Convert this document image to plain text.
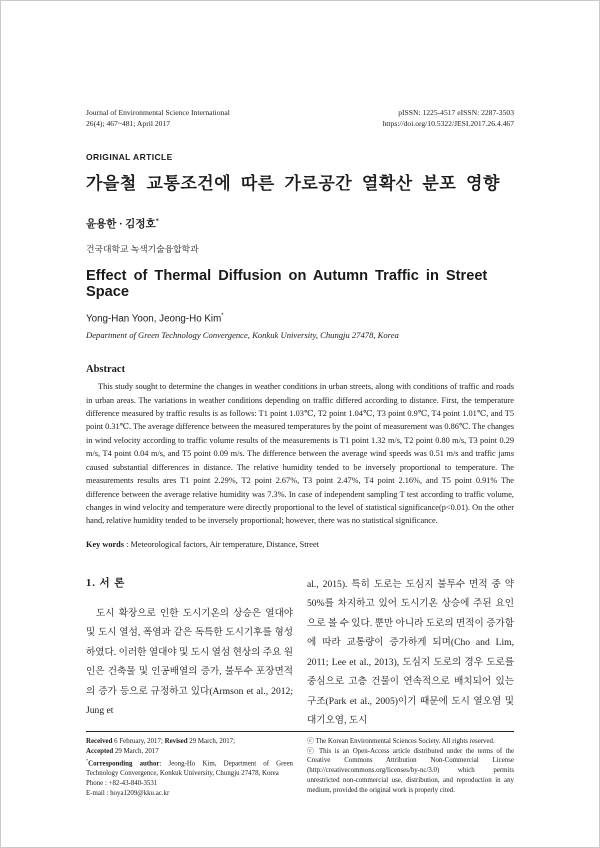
Journal of Environmental Science International
26(4); 467~481; April 2017
pISSN: 1225-4517 eISSN: 2287-3503
https://doi.org/10.5322/JESI.2017.26.4.467
ORIGINAL ARTICLE
가을철 교통조건에 따른 가로공간 열확산 분포 영향
윤용한 · 김정호*
건국대학교 녹색기술융합학과
Effect of Thermal Diffusion on Autumn Traffic in Street Space
Yong-Han Yoon, Jeong-Ho Kim*
Department of Green Technology Convergence, Konkuk University, Chungju 27478, Korea
Abstract

This study sought to determine the changes in weather conditions in urban streets, along with conditions of traffic and roads in urban areas. The variations in weather conditions depending on traffic differed according to distance. First, the temperature difference measured by traffic results is as follows: T1 point 1.03℃, T2 point 1.04℃, T3 point 0.9℃, T4 point 1.01℃, and T5 point 0.31℃. The average difference between the measured temperatures by the point of measurement was 0.86℃. The changes in wind velocity according to traffic volume results of the measurements is T1 point 1.32 m/s, T2 point 0.80 m/s, T3 point 0.29 m/s, T4 point 0.04 m/s, and T5 point 0.09 m/s. The difference between the average wind speeds was 0.51 m/s and traffic jams caused substantial differences in distance. The relative humidity tended to be inversely proportional to temperature. The measurements results ares T1 point 2.29%, T2 point 2.67%, T3 point 2.47%, T4 point 2.16%, and T5 point 0.91% The difference between the average relative humidity was 7.3%. In case of independent sampling T test according to traffic volume, changes in wind velocity and temperature were directly proportional to the level of statistical significance(p<0.01). On the other hand, relative humidity tended to be inversely proportional; however, there was no statistical significance.

Key words : Meteorological factors, Air temperature, Distance, Street
1. 서 론

도시 확장으로 인한 도시기온의 상승은 열대야 및 도시 열섬, 폭염과 같은 독특한 도시기후를 형성하였다. 이러한 열대야 및 도시 열섬 현상의 주요 원인은 건축물 및 인공배열의 증가, 불투수 포장면적의 증가 등으로 규정하고 있다(Armson et al., 2012; Jung et

al., 2015). 특히 도로는 도심지 불투수 면적 중 약 50%를 차지하고 있어 도시기온 상승에 주된 요인으로 볼 수 있다. 뿐만 아니라 도로의 면적이 증가함에 따라 교통량이 증가하게 되며(Cho and Lim, 2011; Lee et al., 2013), 도심지 도로의 경우 도로를 중심으로 고층 건물이 연속적으로 배치되어 있는 구조(Park et al., 2005)이기 때문에 도시 열오염 및 대기오염, 도시

Received 6 February, 2017; Revised 29 March, 2017;
Accepted 29 March, 2017
*Corresponding author: Jeong-Ho Kim, Department of Green Technology Convergence, Konkuk University, Chungju 27478, Korea
Phone : +82-43-840-3531
E-mail : hoya1209@kku.ac.kr
ⓒ The Korean Environmental Sciences Society. All rights reserved.
ⓒ This is an Open-Access article distributed under the terms of the Creative Commons Attribution Non-Commercial License (http://creativecommons.org/licenses/by-nc/3.0) which permits unrestricted non-commercial use, distribution, and reproduction in any medium, provided the original work is properly cited.
